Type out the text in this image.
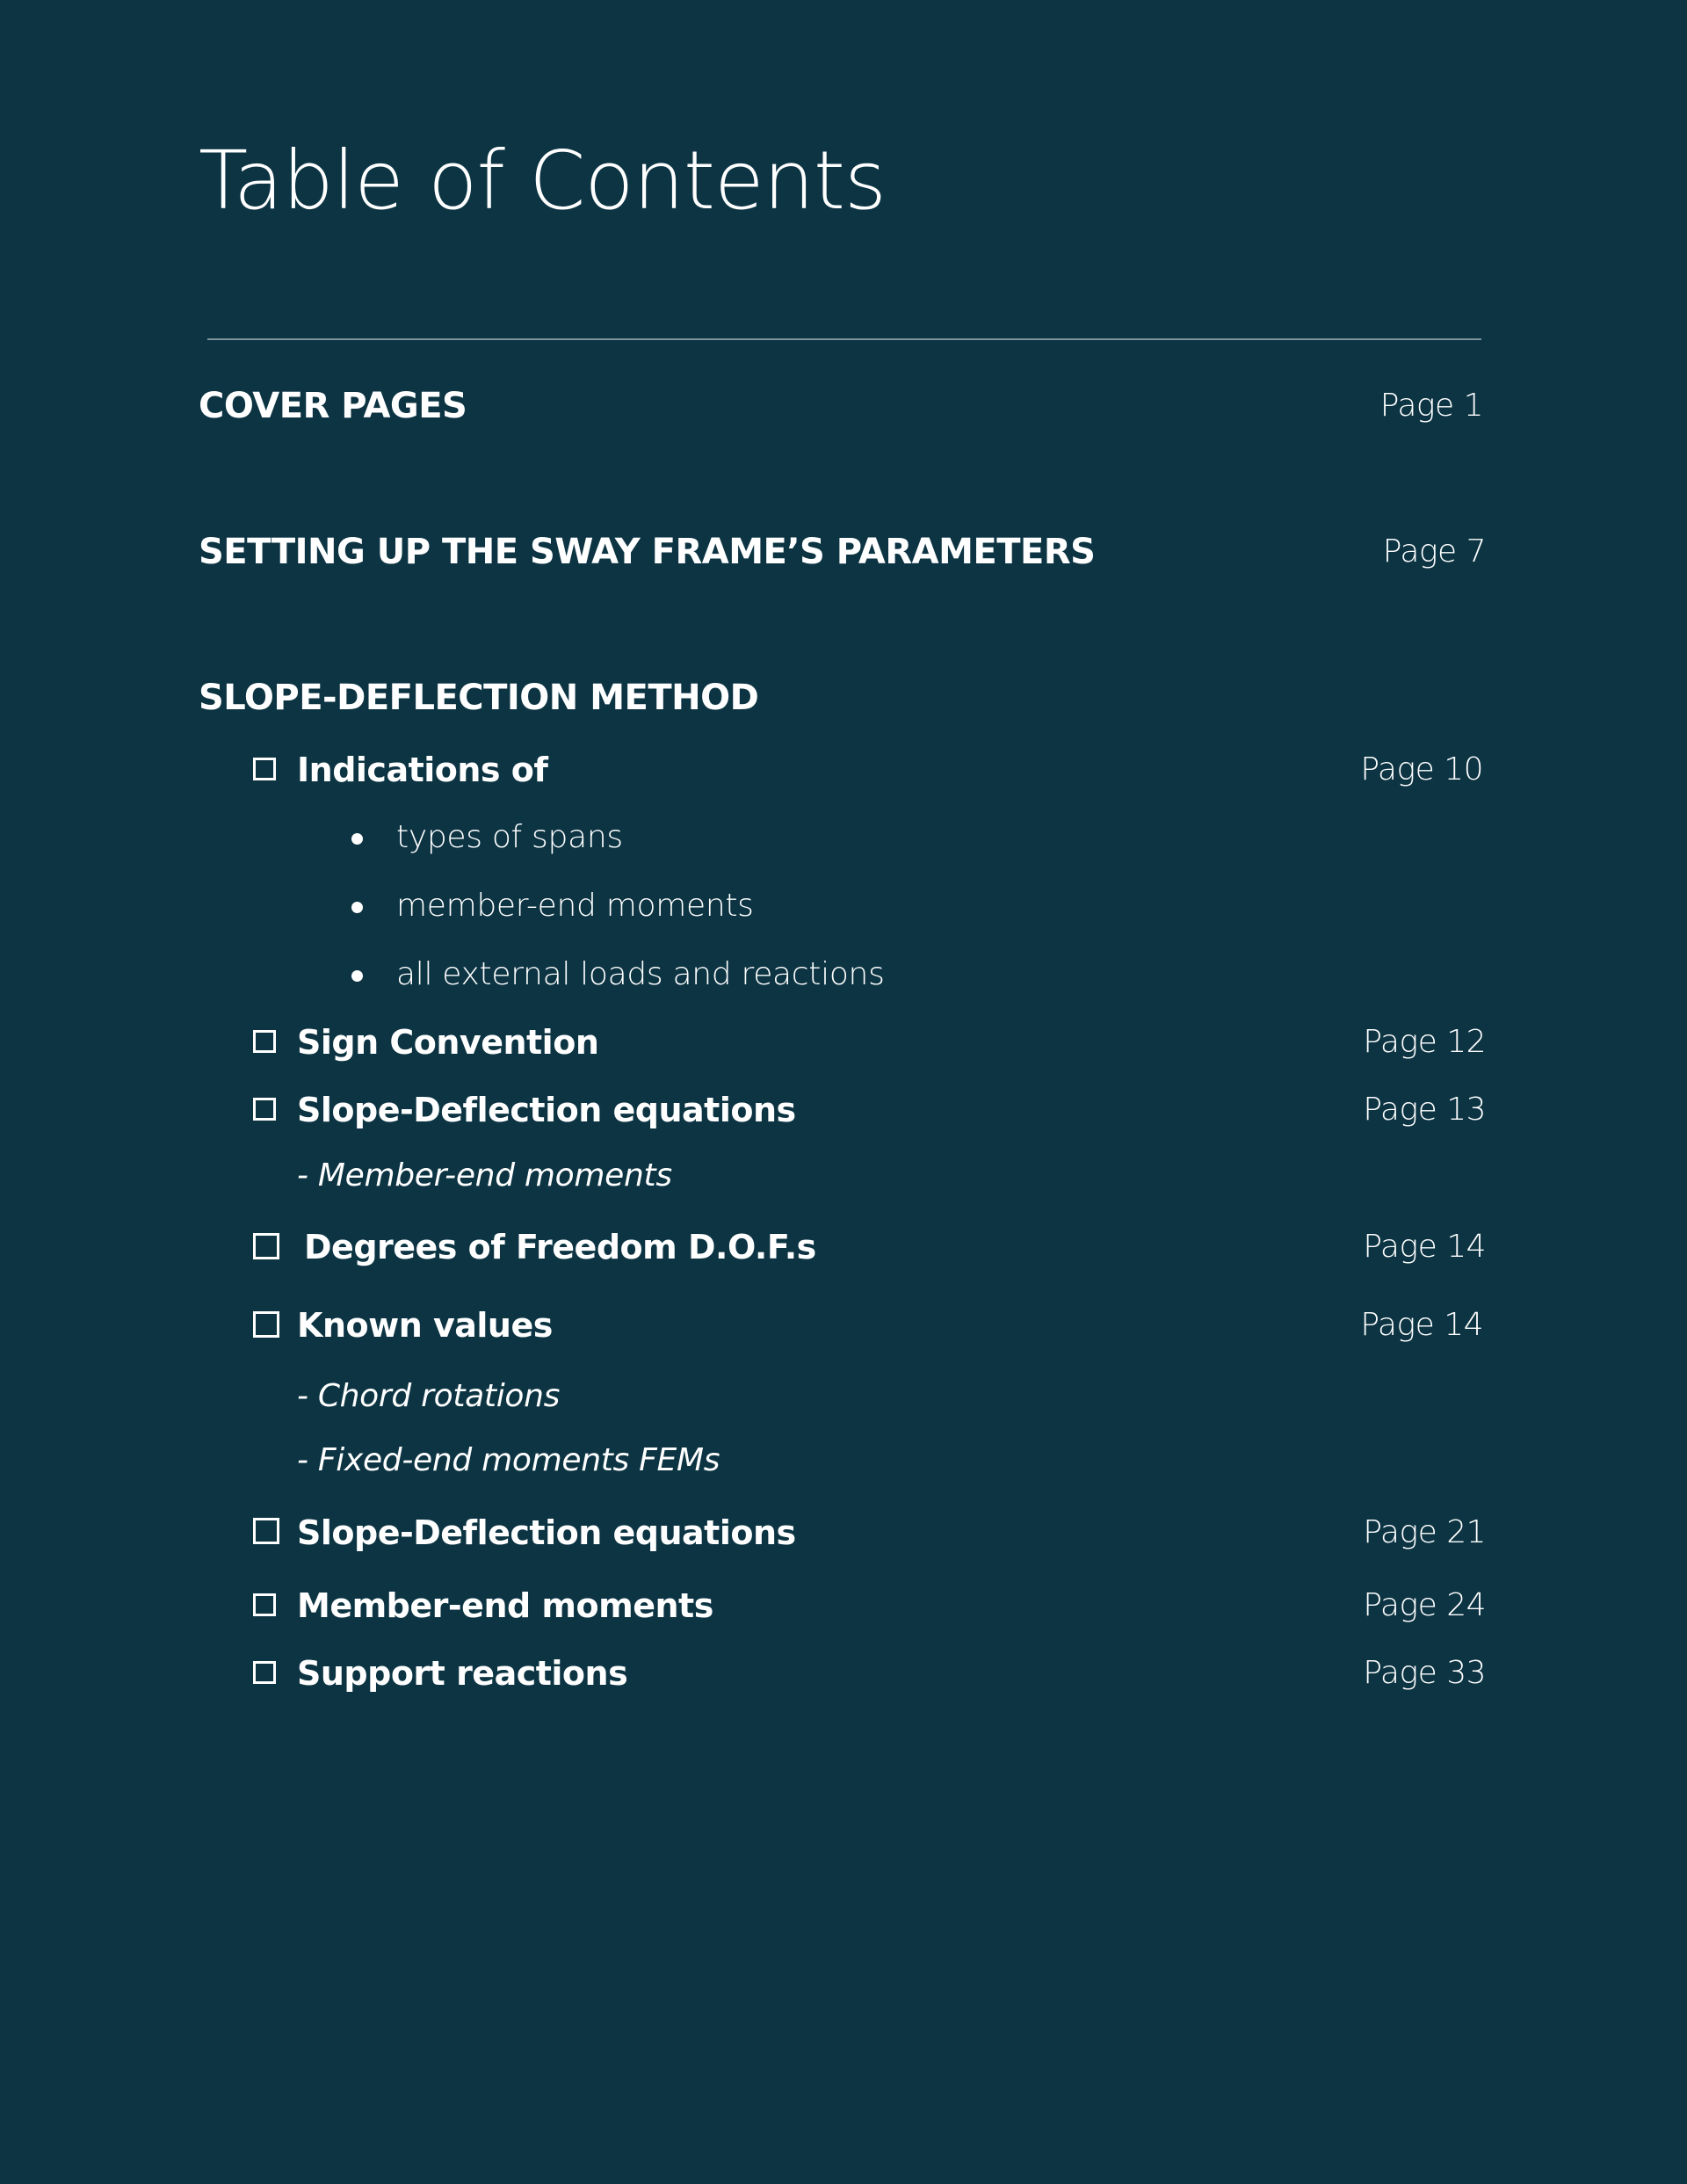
Table of Contents
COVER PAGES	Page 1
SETTING UP THE SWAY FRAME’S PARAMETERS	Page 7
SLOPE-DEFLECTION METHOD
Indications of	Page 10
types of spans
member-end moments
all external loads and reactions
Sign Convention	Page 12
Slope-Deflection equations	Page 13
- Member-end moments
Degrees of Freedom D.O.F.s	Page 14
Known values	Page 14
- Chord rotations
- Fixed-end moments FEMs
Slope-Deflection equations	Page 21
Member-end moments	Page 24
Support reactions	Page 33
